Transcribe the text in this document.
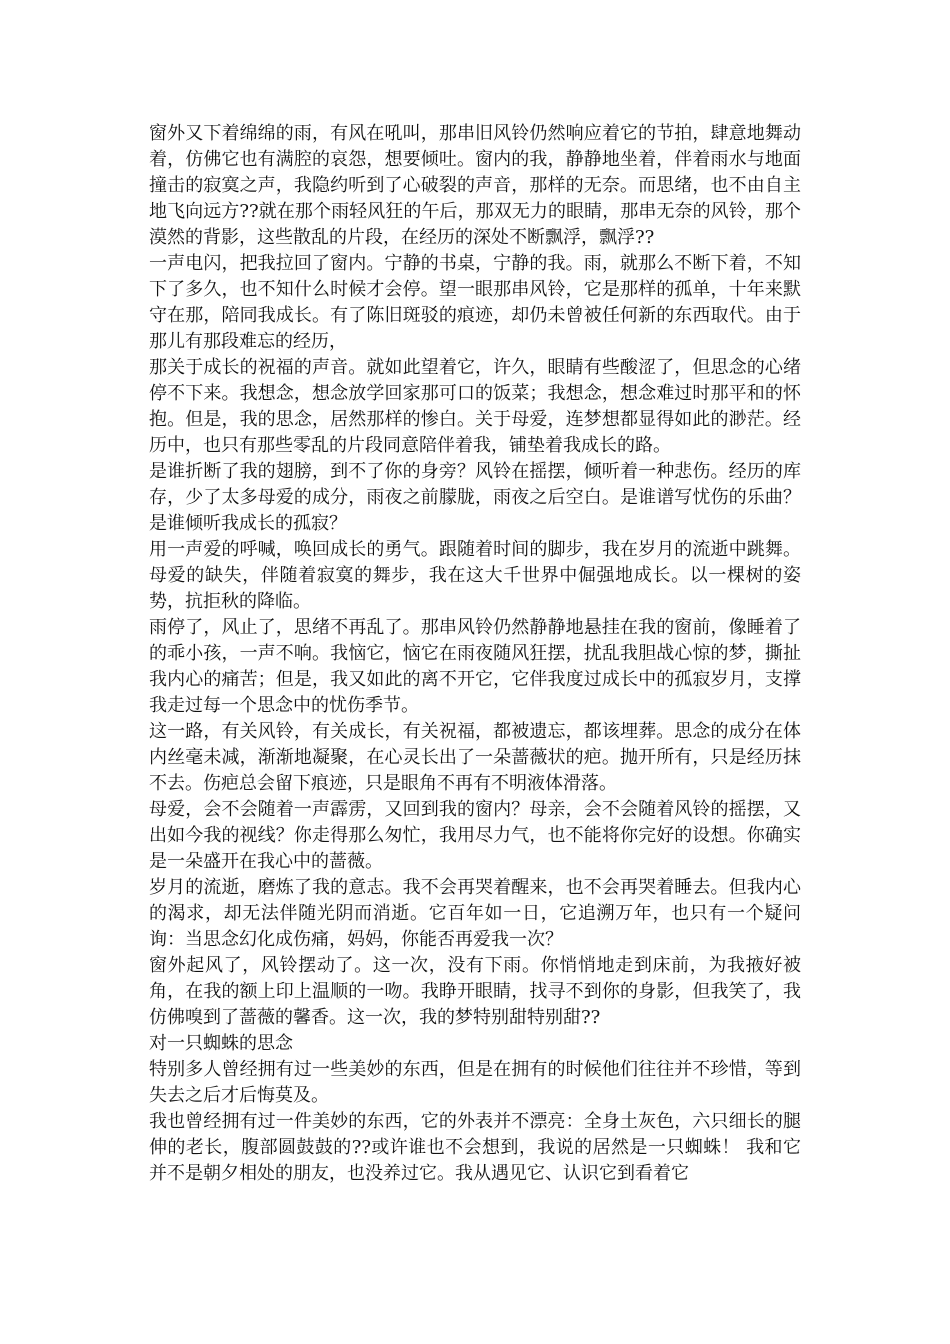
窗外又下着绵绵的雨，有风在吼叫，那串旧风铃仍然响应着它的节拍，肆意地舞动着，仿佛它也有满腔的哀怨，想要倾吐。窗内的我，静静地坐着，伴着雨水与地面撞击的寂寞之声，我隐约听到了心破裂的声音，那样的无奈。而思绪，也不由自主地飞向远方??就在那个雨轻风狂的午后，那双无力的眼睛，那串无奈的风铃，那个漠然的背影，这些散乱的片段，在经历的深处不断飘浮，飘浮??

一声电闪，把我拉回了窗内。宁静的书桌，宁静的我。雨，就那么不断下着，不知下了多久，也不知什么时候才会停。望一眼那串风铃，它是那样的孤单，十年来默守在那，陪同我成长。有了陈旧斑驳的痕迹，却仍未曾被任何新的东西取代。由于那儿有那段难忘的经历，

那关于成长的祝福的声音。就如此望着它，许久，眼睛有些酸涩了，但思念的心绪停不下来。我想念，想念放学回家那可口的饭菜；我想念，想念难过时那平和的怀抱。但是，我的思念，居然那样的惨白。关于母爱，连梦想都显得如此的渺茫。经历中，也只有那些零乱的片段同意陪伴着我，铺垫着我成长的路。

是谁折断了我的翅膀，到不了你的身旁？风铃在摇摆，倾听着一种悲伤。经历的库存，少了太多母爱的成分，雨夜之前朦胧，雨夜之后空白。是谁谱写忧伤的乐曲？是谁倾听我成长的孤寂？

用一声爱的呼喊，唤回成长的勇气。跟随着时间的脚步，我在岁月的流逝中跳舞。母爱的缺失，伴随着寂寞的舞步，我在这大千世界中倔强地成长。以一棵树的姿势，抗拒秋的降临。

雨停了，风止了，思绪不再乱了。那串风铃仍然静静地悬挂在我的窗前，像睡着了的乖小孩，一声不响。我恼它，恼它在雨夜随风狂摆，扰乱我胆战心惊的梦，撕扯我内心的痛苦；但是，我又如此的离不开它，它伴我度过成长中的孤寂岁月，支撑我走过每一个思念中的忧伤季节。

这一路，有关风铃，有关成长，有关祝福，都被遗忘，都该埋葬。思念的成分在体内丝毫未减，渐渐地凝聚，在心灵长出了一朵蔷薇状的疤。抛开所有，只是经历抹不去。伤疤总会留下痕迹，只是眼角不再有不明液体滑落。

母爱，会不会随着一声霹雳，又回到我的窗内？母亲，会不会随着风铃的摇摆，又出如今我的视线？你走得那么匆忙，我用尽力气，也不能将你完好的设想。你确实是一朵盛开在我心中的蔷薇。

岁月的流逝，磨炼了我的意志。我不会再哭着醒来，也不会再哭着睡去。但我内心的渴求，却无法伴随光阴而消逝。它百年如一日，它追溯万年，也只有一个疑问询：当思念幻化成伤痛，妈妈，你能否再爱我一次？

窗外起风了，风铃摆动了。这一次，没有下雨。你悄悄地走到床前，为我掖好被角，在我的额上印上温顺的一吻。我睁开眼睛，找寻不到你的身影，但我笑了，我仿佛嗅到了蔷薇的馨香。这一次，我的梦特别甜特别甜??

对一只蜘蛛的思念

特别多人曾经拥有过一些美妙的东西，但是在拥有的时候他们往往并不珍惜，等到失去之后才后悔莫及。

我也曾经拥有过一件美妙的东西，它的外表并不漂亮：全身土灰色，六只细长的腿伸的老长，腹部圆鼓鼓的??或许谁也不会想到，我说的居然是一只蜘蛛！ 我和它并不是朝夕相处的朋友，也没养过它。我从遇见它、认识它到看着它
